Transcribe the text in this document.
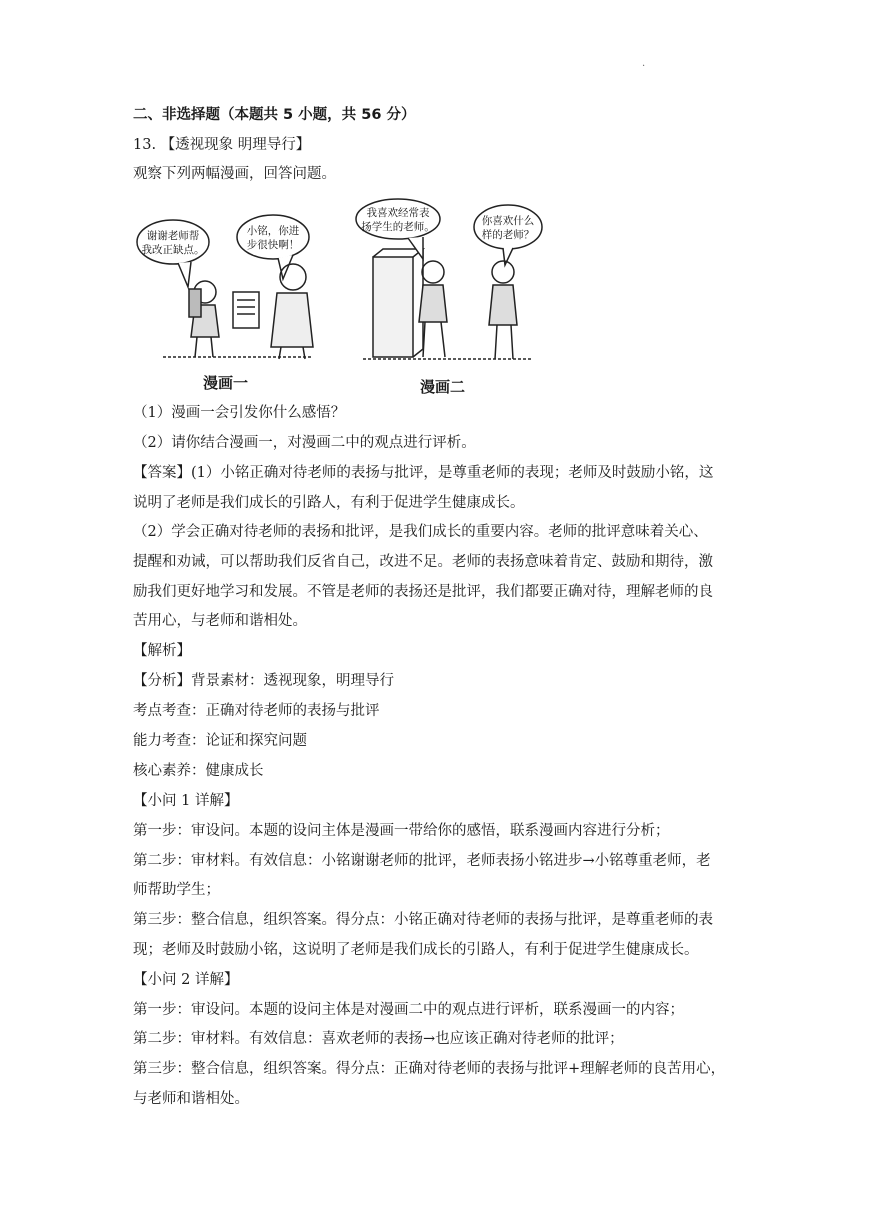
.
二、非选择题（本题共 5 小题，共 56 分）
13. 【透视现象 明理导行】
观察下列两幅漫画，回答问题。
谢谢老师帮
我改正缺点。
小铭，你进
步很快啊！
我喜欢经常表
扬学生的老师。	你喜欢什么
样的老师？
漫画一	漫画二
（1）漫画一会引发你什么感悟？
（2）请你结合漫画一，对漫画二中的观点进行评析。
【答案】(1）小铭正确对待老师的表扬与批评，是尊重老师的表现；老师及时鼓励小铭，这
说明了老师是我们成长的引路人，有利于促进学生健康成长。
（2）学会正确对待老师的表扬和批评，是我们成长的重要内容。老师的批评意味着关心、
提醒和劝诫，可以帮助我们反省自己，改进不足。老师的表扬意味着肯定、鼓励和期待，激
励我们更好地学习和发展。不管是老师的表扬还是批评，我们都要正确对待，理解老师的良
苦用心，与老师和谐相处。
【解析】
【分析】背景素材：透视现象，明理导行
考点考查：正确对待老师的表扬与批评
能力考查：论证和探究问题
核心素养：健康成长
【小问 1 详解】
第一步：审设问。本题的设问主体是漫画一带给你的感悟，联系漫画内容进行分析；
第二步：审材料。有效信息：小铭谢谢老师的批评，老师表扬小铭进步→小铭尊重老师，老
师帮助学生；
第三步：整合信息，组织答案。得分点：小铭正确对待老师的表扬与批评，是尊重老师的表
现；老师及时鼓励小铭，这说明了老师是我们成长的引路人，有利于促进学生健康成长。
【小问 2 详解】
第一步：审设问。本题的设问主体是对漫画二中的观点进行评析，联系漫画一的内容；
第二步：审材料。有效信息：喜欢老师的表扬→也应该正确对待老师的批评；
第三步：整合信息，组织答案。得分点：正确对待老师的表扬与批评+理解老师的良苦用心，
与老师和谐相处。
